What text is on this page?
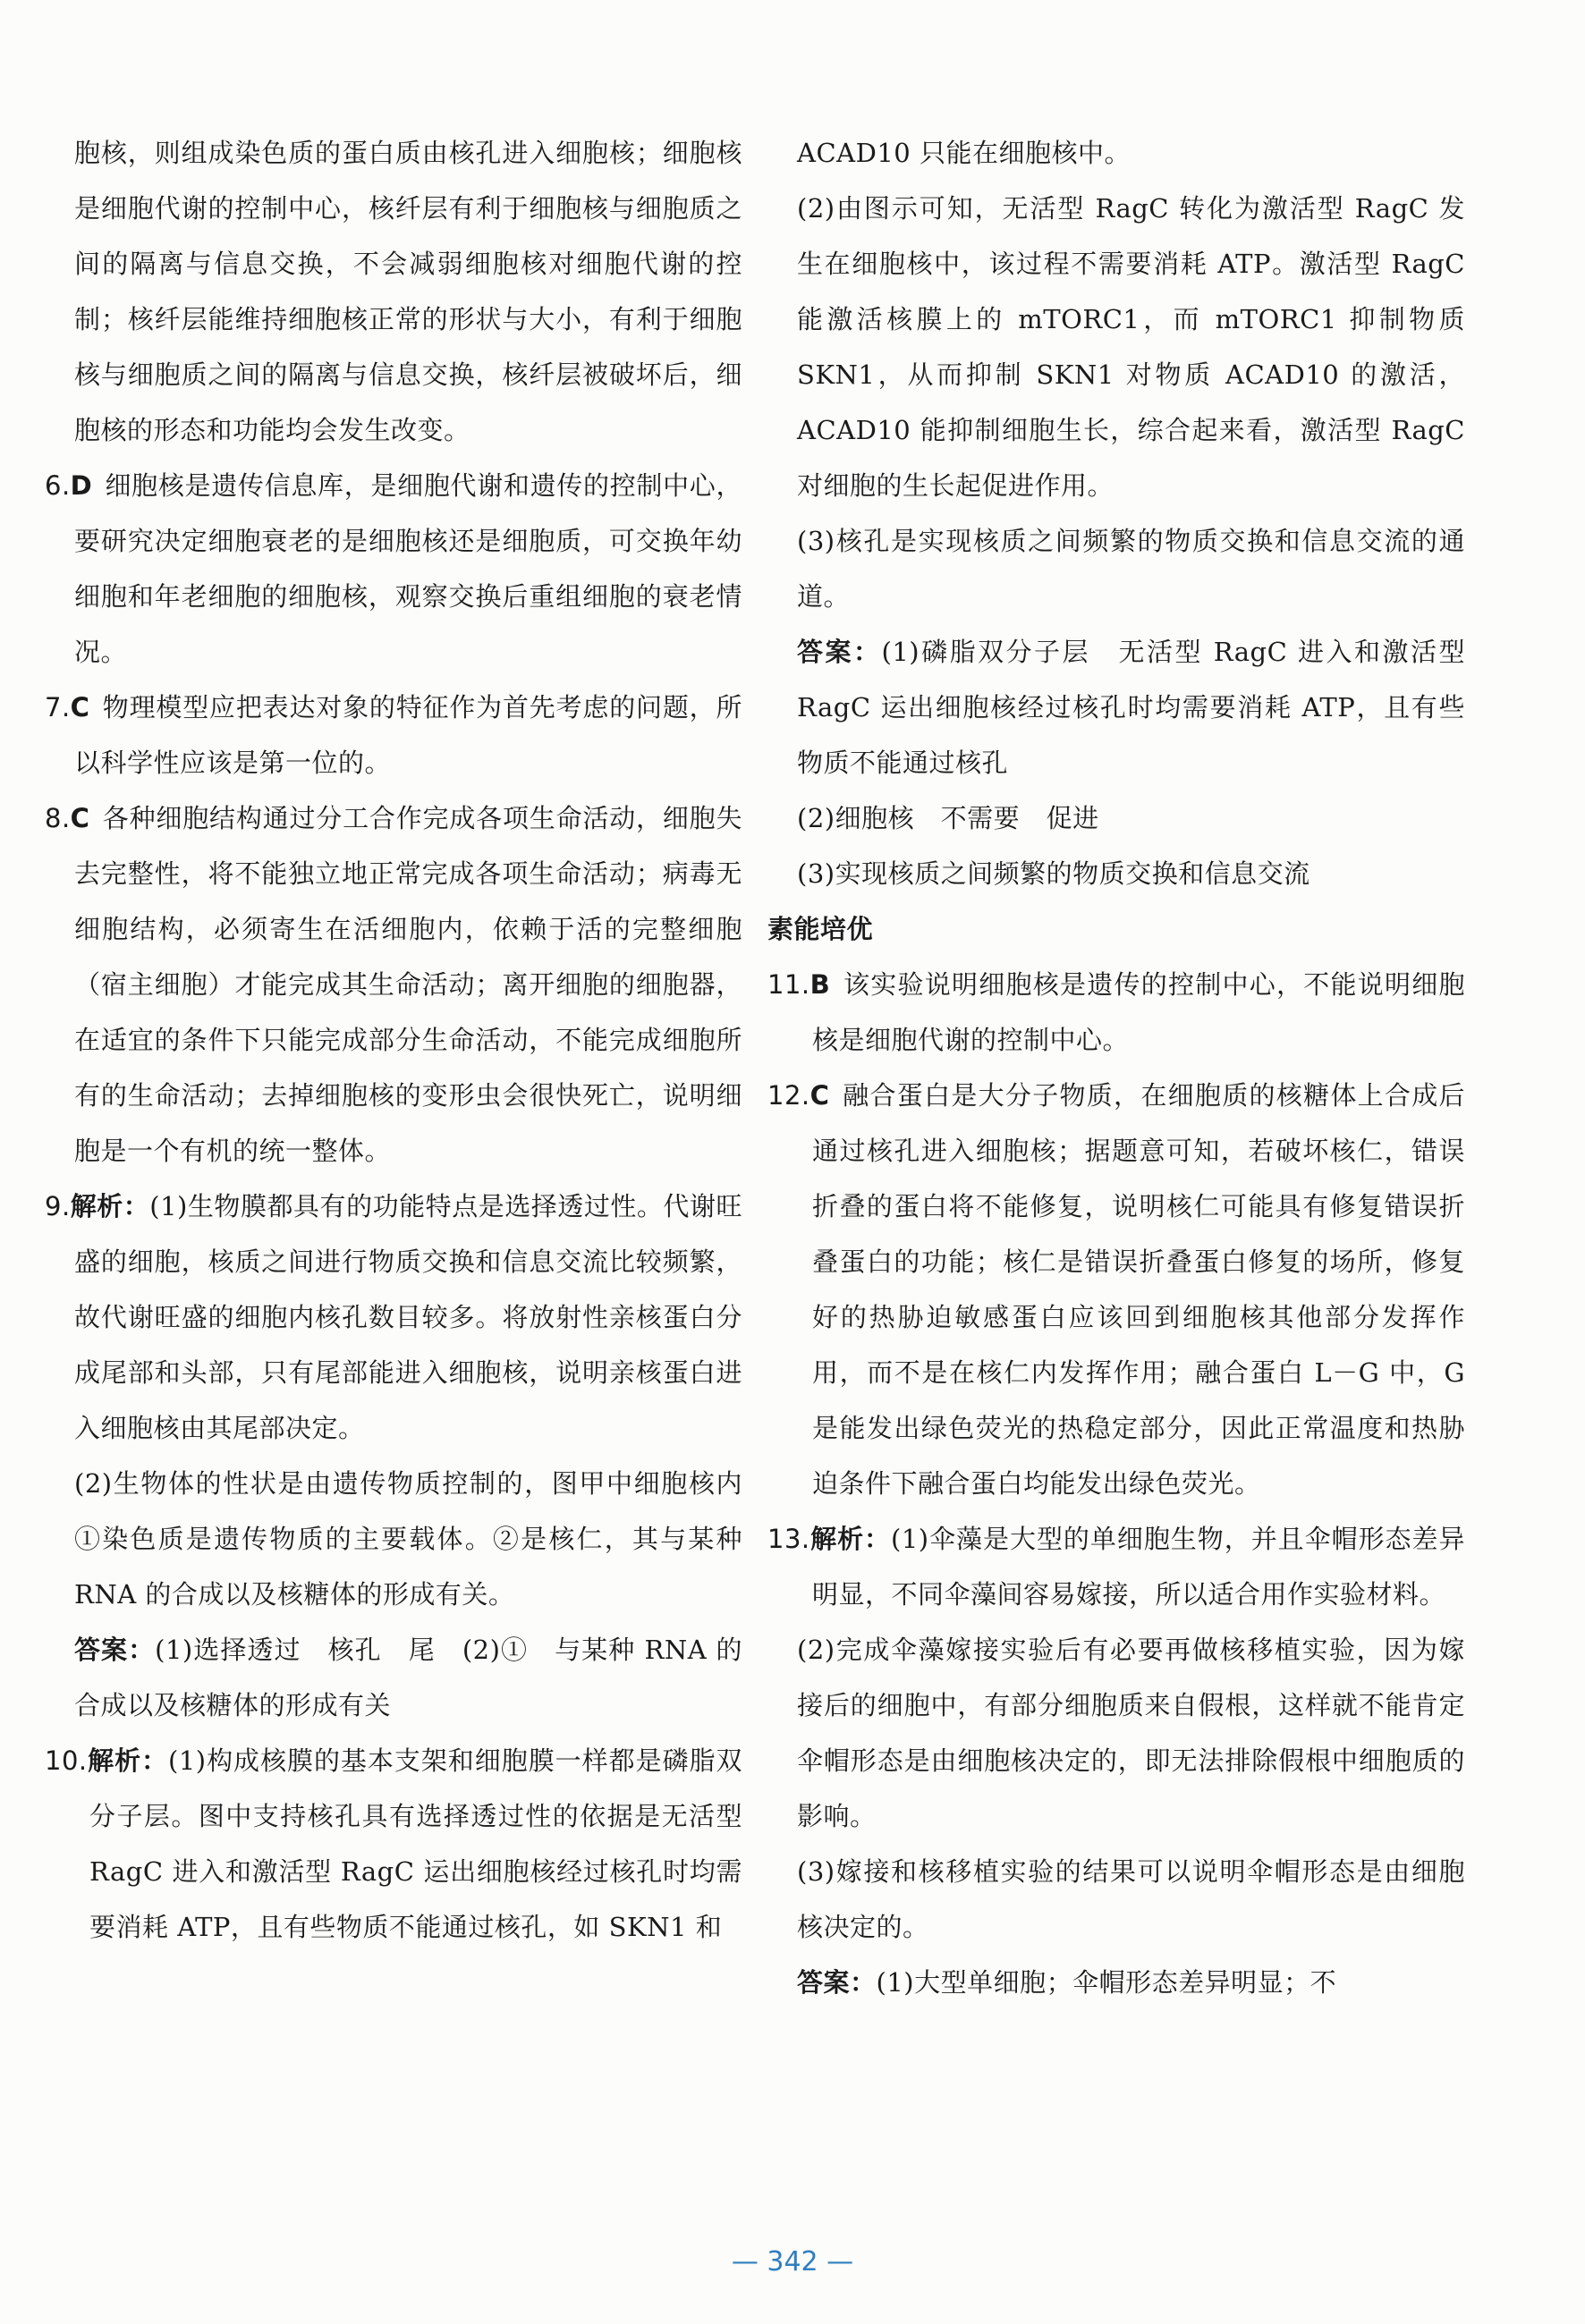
胞核，则组成染色质的蛋白质由核孔进入细胞核；细胞核是细胞代谢的控制中心，核纤层有利于细胞核与细胞质之间的隔离与信息交换，不会减弱细胞核对细胞代谢的控制；核纤层能维持细胞核正常的形状与大小，有利于细胞核与细胞质之间的隔离与信息交换，核纤层被破坏后，细胞核的形态和功能均会发生改变。

6.D 细胞核是遗传信息库，是细胞代谢和遗传的控制中心，要研究决定细胞衰老的是细胞核还是细胞质，可交换年幼细胞和年老细胞的细胞核，观察交换后重组细胞的衰老情况。

7.C 物理模型应把表达对象的特征作为首先考虑的问题，所以科学性应该是第一位的。

8.C 各种细胞结构通过分工合作完成各项生命活动，细胞失去完整性，将不能独立地正常完成各项生命活动；病毒无细胞结构，必须寄生在活细胞内，依赖于活的完整细胞（宿主细胞）才能完成其生命活动；离开细胞的细胞器，在适宜的条件下只能完成部分生命活动，不能完成细胞所有的生命活动；去掉细胞核的变形虫会很快死亡，说明细胞是一个有机的统一整体。

9.解析：(1)生物膜都具有的功能特点是选择透过性。代谢旺盛的细胞，核质之间进行物质交换和信息交流比较频繁，故代谢旺盛的细胞内核孔数目较多。将放射性亲核蛋白分成尾部和头部，只有尾部能进入细胞核，说明亲核蛋白进入细胞核由其尾部决定。

(2)生物体的性状是由遗传物质控制的，图甲中细胞核内①染色质是遗传物质的主要载体。②是核仁，其与某种 RNA 的合成以及核糖体的形成有关。

答案：(1)选择透过　核孔　尾　(2)①　与某种 RNA 的合成以及核糖体的形成有关

10.解析：(1)构成核膜的基本支架和细胞膜一样都是磷脂双分子层。图中支持核孔具有选择透过性的依据是无活型 RagC 进入和激活型 RagC 运出细胞核经过核孔时均需要消耗 ATP，且有些物质不能通过核孔，如 SKN1 和

ACAD10 只能在细胞核中。

(2)由图示可知，无活型 RagC 转化为激活型 RagC 发生在细胞核中，该过程不需要消耗 ATP。激活型 RagC 能激活核膜上的 mTORC1，而 mTORC1 抑制物质 SKN1，从而抑制 SKN1 对物质 ACAD10 的激活，ACAD10 能抑制细胞生长，综合起来看，激活型 RagC 对细胞的生长起促进作用。

(3)核孔是实现核质之间频繁的物质交换和信息交流的通道。

答案：(1)磷脂双分子层　无活型 RagC 进入和激活型 RagC 运出细胞核经过核孔时均需要消耗 ATP，且有些物质不能通过核孔

(2)细胞核　不需要　促进

(3)实现核质之间频繁的物质交换和信息交流

素能培优

11.B 该实验说明细胞核是遗传的控制中心，不能说明细胞核是细胞代谢的控制中心。

12.C 融合蛋白是大分子物质，在细胞质的核糖体上合成后通过核孔进入细胞核；据题意可知，若破坏核仁，错误折叠的蛋白将不能修复，说明核仁可能具有修复错误折叠蛋白的功能；核仁是错误折叠蛋白修复的场所，修复好的热胁迫敏感蛋白应该回到细胞核其他部分发挥作用，而不是在核仁内发挥作用；融合蛋白 L－G 中，G 是能发出绿色荧光的热稳定部分，因此正常温度和热胁迫条件下融合蛋白均能发出绿色荧光。

13.解析：(1)伞藻是大型的单细胞生物，并且伞帽形态差异明显，不同伞藻间容易嫁接，所以适合用作实验材料。

(2)完成伞藻嫁接实验后有必要再做核移植实验，因为嫁接后的细胞中，有部分细胞质来自假根，这样就不能肯定伞帽形态是由细胞核决定的，即无法排除假根中细胞质的影响。

(3)嫁接和核移植实验的结果可以说明伞帽形态是由细胞核决定的。

答案：(1)大型单细胞；伞帽形态差异明显；不

— 342 —
